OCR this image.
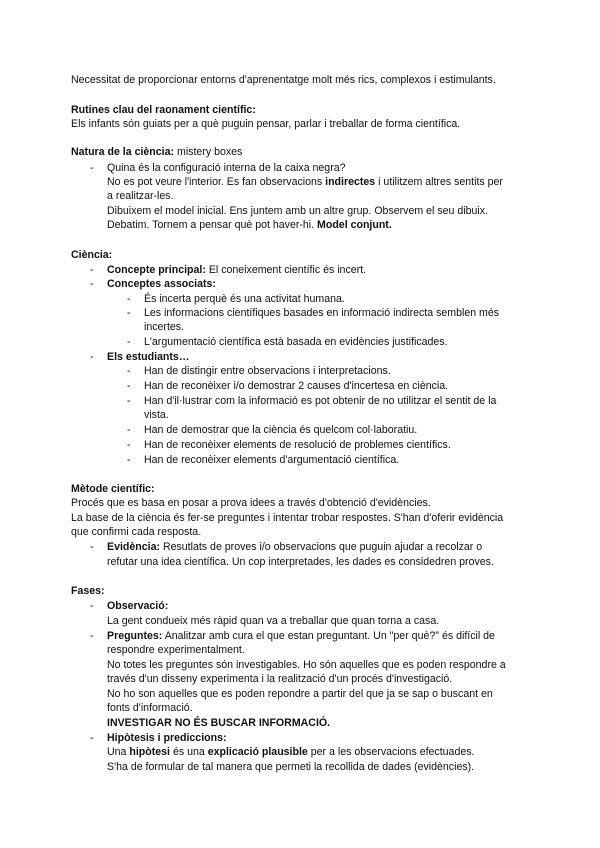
Necessitat de proporcionar entorns d'aprenentatge molt més rics, complexos i estimulants.
Rutines clau del raonament científic:
Els infants són guiats per a què puguin pensar, parlar i treballar de forma científica.
Natura de la ciència: mistery boxes
- Quina és la configuració interna de la caixa negra?
No es pot veure l'interior. Es fan observacions indirectes i utilitzem altres sentits per
a realitzar-les.
Dibuixem el model inicial. Ens juntem amb un altre grup. Observem el seu dibuix.
Debatim. Tornem a pensar què pot haver-hi. Model conjunt.
Ciència:
- Concepte principal: El coneixement científic és incert.
- Conceptes associats:
- És incerta perquè és una activitat humana.
- Les informacions científiques basades en informació indirecta semblen més
incertes.
- L'argumentació científica està basada en evidències justificades.
- Els estudiants…
- Han de distingir entre observacions i interpretacions.
- Han de reconèixer i/o demostrar 2 causes d'incertesa en ciència.
- Han d'il·lustrar com la informació es pot obtenir de no utilitzar el sentit de la
vista.
- Han de demostrar que la ciència és quelcom col·laboratiu.
- Han de reconèixer elements de resolució de problemes científics.
- Han de reconèixer elements d'argumentació científica.
Mètode científic:
Procés que es basa en posar a prova idees a través d'obtenció d'evidències.
La base de la ciència és fer-se preguntes i intentar trobar respostes. S'han d'oferir evidència
que confirmi cada resposta.
- Evidència: Resutlats de proves i/o observacions que puguin ajudar a recolzar o
refutar una idea científica. Un cop interpretades, les dades es considedren proves.
Fases:
- Observació:
La gent condueix més ràpid quan va a treballar que quan torna a casa.
- Preguntes: Analitzar amb cura el que estan preguntant. Un "per què?" és difícil de
respondre experimentalment.
No totes les preguntes són investigables. Ho són aquelles que es poden respondre a
través d'un disseny experimenta i la realització d'un procés d'investigació.
No ho son aquelles que es poden repondre a partir del que ja se sap o buscant en
fonts d'informació.
INVESTIGAR NO ÉS BUSCAR INFORMACIÓ.
- Hipòtesis i prediccions:
Una hipòtesi és una explicació plausible per a les observacions efectuades.
S'ha de formular de tal manera que permeti la recollida de dades (evidències).
